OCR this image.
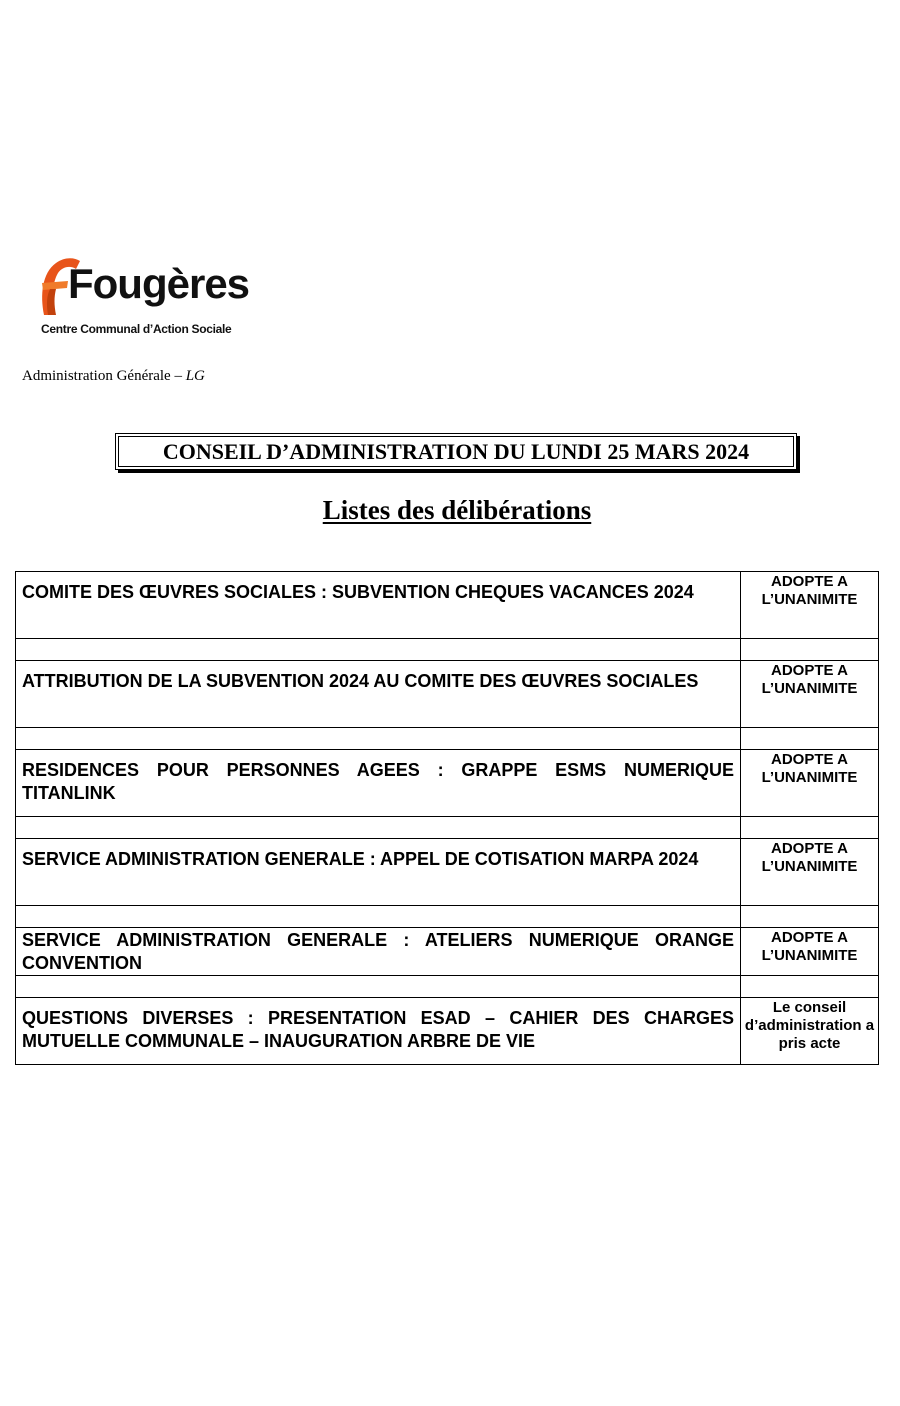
Fougères
Centre Communal d’Action Sociale
Administration Générale – LG
CONSEIL D’ADMINISTRATION DU LUNDI 25 MARS 2024
Listes des délibérations
COMITE DES ŒUVRES SOCIALES : SUBVENTION CHEQUES VACANCES 2024	ADOPTE A L’UNANIMITE

ATTRIBUTION DE LA SUBVENTION 2024 AU COMITE DES ŒUVRES SOCIALES	ADOPTE A L’UNANIMITE

RESIDENCES POUR PERSONNES AGEES : GRAPPE ESMS NUMERIQUE TITANLINK	ADOPTE A L’UNANIMITE

SERVICE ADMINISTRATION GENERALE : APPEL DE COTISATION MARPA 2024	ADOPTE A L’UNANIMITE

SERVICE ADMINISTRATION GENERALE : ATELIERS NUMERIQUE ORANGE CONVENTION	ADOPTE A L’UNANIMITE

QUESTIONS DIVERSES : PRESENTATION ESAD – CAHIER DES CHARGES MUTUELLE COMMUNALE – INAUGURATION ARBRE DE VIE	Le conseil d’administration a pris acte
